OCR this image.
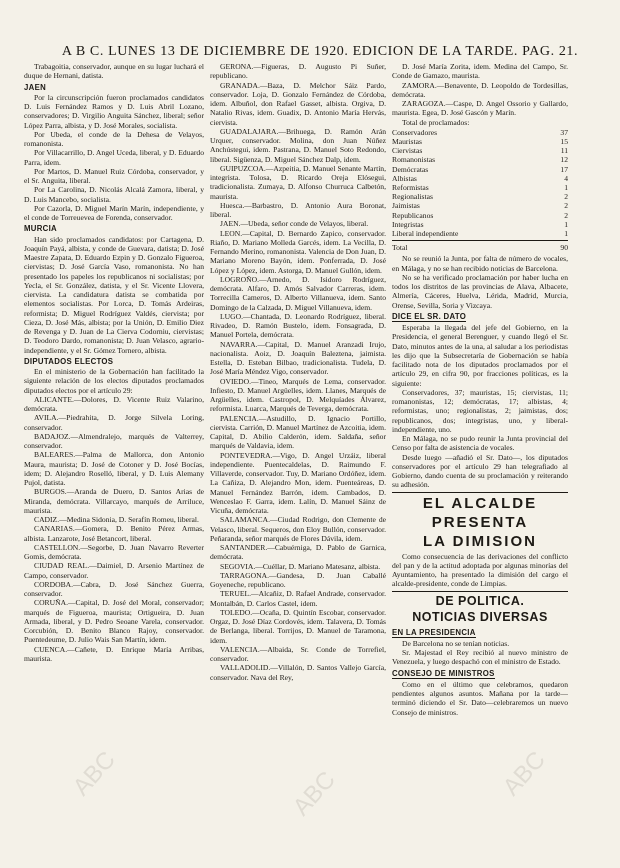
A B C. LUNES 13 DE DICIEMBRE DE 1920. EDICION DE LA TARDE. PAG. 21.

Trabagoitia, conservador, aunque en su lugar luchará el duque de Hernani, datista.

JAEN

Por la circunscripción fueron proclamados candidatos D. Luis Fernández Ramos y D. Luis Abril Lozano, conservadores; D. Virgilio Anguita Sánchez, liberal; señor López Parra, albista, y D. José Morales, socialista.

Por Ubeda, el conde de la Dehesa de Velayos, romanonista.

Por Villacarrillo, D. Angel Uceda, liberal, y D. Eduardo Parra, idem.

Por Martos, D. Manuel Ruiz Córdoba, conservador, y el Sr. Anguita, liberal.

Por La Carolina, D. Nicolás Alcalá Zamora, liberal, y D. Luis Mancebo, socialista.

Por Cazorla, D. Miguel Marín Marín, independiente, y el conde de Torreuevea de Forenda, conservador.

MURCIA

Han sido proclamados candidatos: por Cartagena, D. Joaquín Payá, albista, y conde de Guevara, datista; D. José Maestre Zapata, D. Eduardo Ezpin y D. Gonzalo Figueroa, ciervistas; D. José García Vaso, romanonista. No han presentado los papeles los republicanos ni socialistas; por Yecla, el Sr. González, datista, y el Sr. Vicente Llovera, ciervista. La candidatura datista se combatida por elementos socialistas. Por Lorca, D. Tomás Ardeiras, reformista; D. Miguel Rodríguez Valdés, ciervista; por Cieza, D. José Más, albista; por la Unión, D. Emilio Diez de Revenga y D. Juan de La Cierva Codorniu, ciervistas; D. Teodoro Dardo, romanonista; D. Juan Velasco, agrario-independiente, y el Sr. Gómez Tornero, albista.

DIPUTADOS ELECTOS

En el ministerio de la Gobernación han facilitado la siguiente relación de los electos diputados proclamados diputados electos por el artículo 29:

ALICANTE.—Dolores, D. Vicente Ruiz Valarino, demócrata.

AVILA.—Piedrahita, D. Jorge Silvela Loring, conservador.

BADAJOZ.—Almendralejo, marqués de Valterrey, conservador.

BALEARES.—Palma de Mallorca, don Antonio Maura, maurista; D. José de Cotoner y D. José Bocías, idem; D. Alejandro Roselló, liberal, y D. Luis Alemany Pujol, datista.

BURGOS.—Aranda de Duero, D. Santos Arias de Miranda, demócrata. Villarcayo, marqués de Arriluce, maurista.

CADIZ.—Medina Sidonia, D. Serafín Romeu, liberal.

CANARIAS.—Gomera, D. Benito Pérez Armas, albista. Lanzarote, José Betancort, liberal.

CASTELLON.—Segorbe, D. Juan Navarro Reverter Gomis, demócrata.

CIUDAD REAL.—Daimiel, D. Arsenio Martínez de Campo, conservador.

CORDOBA.—Cabra, D. José Sánchez Guerra, conservador.

CORUÑA.—Capital, D. José del Moral, conservador; marqués de Figueroa, maurista; Ortigueira, D. Juan Armada, liberal, y D. Pedro Seoane Varela, conservador. Corcubión, D. Benito Blanco Rajoy, conservador. Puentedeume, D. Julio Wais San Martín, idem.

CUENCA.—Cañete, D. Enrique María Arribas, maurista.

GERONA.—Figueras, D. Augusto Pi Suñer, republicano.

GRANADA.—Baza, D. Melchor Sáiz Pardo, conservador. Loja, D. Gonzalo Fernández de Córdoba, idem. Albuñol, don Rafael Gasset, albista. Orgiva, D. Natalio Rivas, idem. Guadix, D. Antonio María Hervás, ciervista.

GUADALAJARA.—Brihuega, D. Ramón Arán Urquer, conservador. Molina, don Juan Núñez Anchústegui, idem. Pastrana, D. Manuel Soto Redondo, liberal. Sigüenza, D. Miguel Sánchez Dalp, idem.

GUIPUZCOA.—Azpeitia, D. Manuel Senante Martín, integrista. Tolosa, D. Ricardo Oreja Elósegui, tradicionalista. Zumaya, D. Alfonso Churruca Calbetón, maurista.

Huesca.—Barbastro, D. Antonio Aura Boronat, liberal.

JAEN.—Ubeda, señor conde de Velayos, liberal.

LEON.—Capital, D. Bernardo Zapico, conservador. Riaño, D. Mariano Molleda Garcés, idem. La Vecilla, D. Fernando Merino, romanonista. Valencia de Don Juan, D. Mariano Moreno Bayón, idem. Ponferrada, D. José López y López, idem. Astorga, D. Manuel Gullón, idem.

LOGROÑO.—Arnedo, D. Isidoro Rodríguez, demócrata. Alfaro, D. Amós Salvador Carreras, idem. Torrecilla Cameros, D. Alberto Villanueva, idem. Santo Domingo de la Calzada, D. Miguel Villanueva, idem.

LUGO.—Chantada, D. Leonardo Rodríguez, liberal. Rivadeo, D. Ramón Bustelo, idem. Fonsagrada, D. Manuel Portela, demócrata.

NAVARRA.—Capital, D. Manuel Aranzadi Irujo, nacionalista. Aoiz, D. Joaquín Baleztena, jaimista. Estella, D. Esteban Bilbao, tradicionalista. Tudela, D. José María Méndez Vigo, conservador.

OVIEDO.—Tineo, Marqués de Lema, conservador. Infiesto, D. Manuel Argüelles, idem. Llanes, Marqués de Argüelles, idem. Castropol, D. Melquíades Álvarez, reformista. Luarca, Marqués de Teverga, demócrata.

PALENCIA.—Astudillo, D. Ignacio Portillo, ciervista. Carrión, D. Manuel Martínez de Azcoitia, idem. Capital, D. Abilio Calderón, idem. Saldaña, señor marqués de Valdavia, idem.

PONTEVEDRA.—Vigo, D. Angel Urzáiz, liberal independiente. Puentecaldelas, D. Raimundo F. Villaverde, conservador. Tuy, D. Mariano Ordóñez, idem. La Cañiza, D. Alejandro Mon, idem. Puenteáreas, D. Manuel Fernández Barrón, idem. Cambados, D. Wenceslao F. Garra, idem. Lalín, D. Manuel Sáinz de Vicuña, demócrata.

SALAMANCA.—Ciudad Rodrigo, don Clemente de Velasco, liberal. Sequeros, don Eloy Bullón, conservador. Peñaranda, señor marqués de Flores Dávila, idem.

SANTANDER.—Cabuérniga, D. Pablo de Garnica, demócrata.

SEGOVIA.—Cuéllar, D. Mariano Matesanz, albista.

TARRAGONA.—Gandesa, D. Juan Caballé Goyeneche, republicano.

TERUEL.—Alcañiz, D. Rafael Andrade, conservador. Montalbán, D. Carlos Castel, idem.

TOLEDO.—Ocaña, D. Quintín Escobar, conservador. Orgaz, D. José Díaz Cordovés, idem. Talavera, D. Tomás de Berlanga, liberal. Torrijos, D. Manuel de Taramona, idem.

VALENCIA.—Albaida, Sr. Conde de Torrefiel, conservador.

VALLADOLID.—Villalón, D. Santos Vallejo García, conservador. Nava del Rey,

D. José María Zorita, idem. Medina del Campo, Sr. Conde de Gamazo, maurista.

ZAMORA.—Benavente, D. Leopoldo de Tordesillas, demócrata.

ZARAGOZA.—Caspe, D. Angel Ossorio y Gallardo, maurista. Egea, D. José Gascón y Marín.

Total de proclamados:

Conservadores	37
Mauristas	15
Ciervistas	11
Romanonistas	12
Demócratas	17
Albistas	4
Reformistas	1
Regionalistas	2
Jaimistas	2
Republicanos	2
Integristas	1
Liberal independiente	1
Total	90

No se reunió la Junta, por falta de número de vocales, en Málaga, y no se han recibido noticias de Barcelona.

No se ha verificado proclamación por haber lucha en todos los distritos de las provincias de Alava, Albacete, Almería, Cáceres, Huelva, Lérida, Madrid, Murcia, Orense, Sevilla, Soria y Vizcaya.

DICE EL SR. DATO

Esperaba la llegada del jefe del Gobierno, en la Presidencia, el general Berenguer, y cuando llegó el Sr. Dato, minutos antes de la una, al saludar a los periodistas les dijo que la Subsecretaría de Gobernación se había facilitado nota de los diputados proclamados por el artículo 29, en cifra 90, por fracciones políticas, es la siguiente:

Conservadores, 37; mauristas, 15; ciervistas, 11; romanonistas, 12; demócratas, 17; albistas, 4; reformistas, uno; regionalistas, 2; jaimistas, dos; republicanos, dos; integristas, uno, y liberal-independiente, uno.

En Málaga, no se pudo reunir la Junta provincial del Censo por falta de asistencia de vocales.

Desde luego —añadió el Sr. Dato—, los diputados conservadores por el artículo 29 han telegrafiado al Gobierno, dando cuenta de su proclamación y reiterando su adhesión.

EL ALCALDE
PRESENTA
LA DIMISION

Como consecuencia de las derivaciones del conflicto del pan y de la actitud adoptada por algunas minorías del Ayuntamiento, ha presentado la dimisión del cargo el alcalde-presidente, conde de Limpias.

DE POLITICA.
NOTICIAS DIVERSAS
EN LA PRESIDENCIA

De Barcelona no se tenían noticias.

Sr. Majestad el Rey recibió al nuevo ministro de Venezuela, y luego despachó con el ministro de Estado.

CONSEJO DE MINISTROS

Como en el último que celebramos, quedaron pendientes algunos asuntos. Mañana por la tarde—terminó diciendo el Sr. Dato—celebraremos un nuevo Consejo de ministros.

ABC	ABC	ABC
